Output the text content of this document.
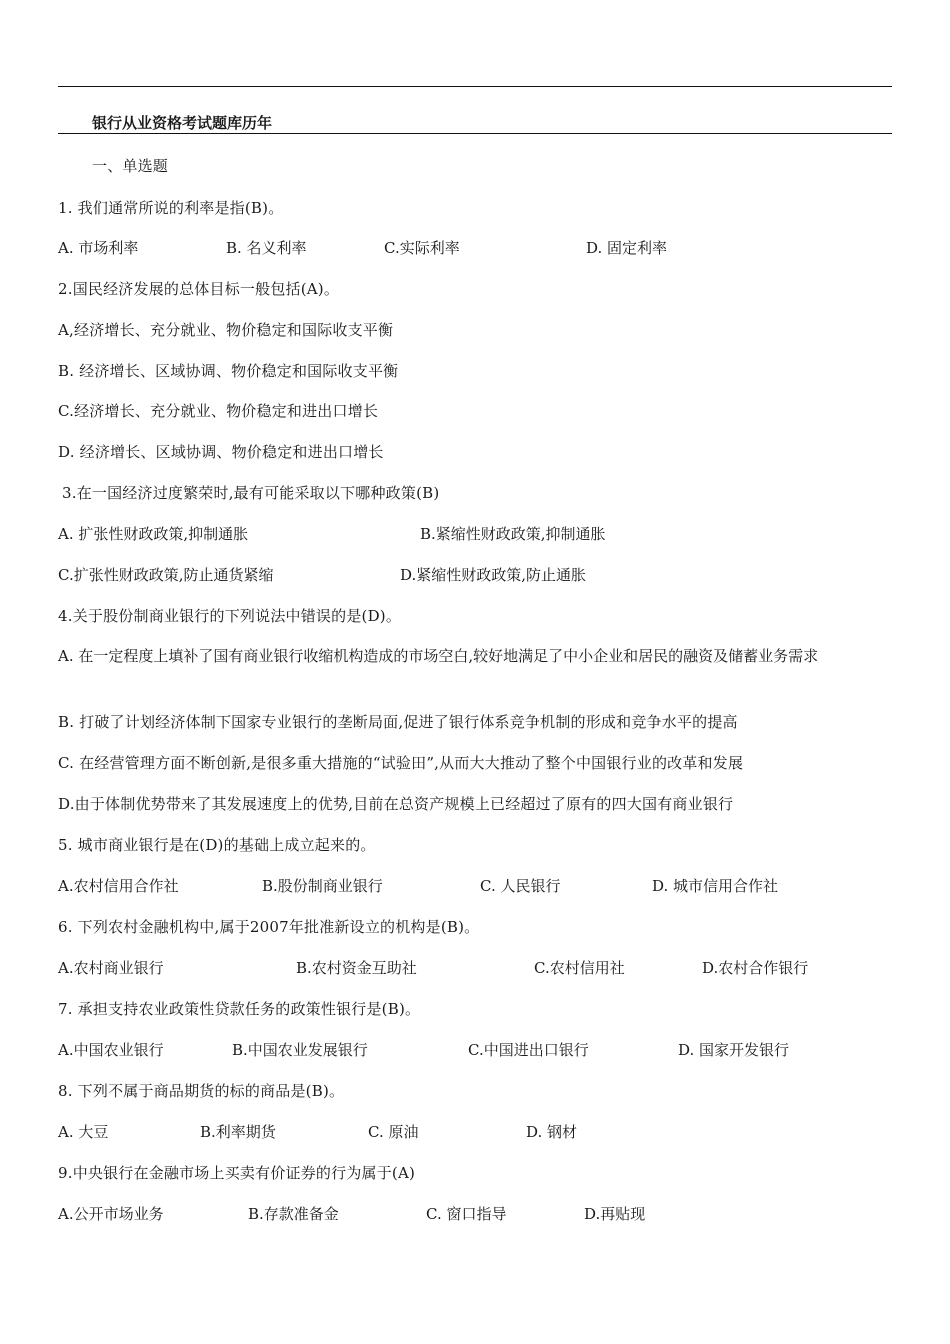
银行从业资格考试题库历年
一、单选题
1. 我们通常所说的利率是指(B)。
A. 市场利率	B. 名义利率	C.实际利率	D. 固定利率
2.国民经济发展的总体目标一般包括(A)。
A,经济增长、充分就业、物价稳定和国际收支平衡
B. 经济增长、区域协调、物价稳定和国际收支平衡
C.经济增长、充分就业、物价稳定和进出口增长
D. 经济增长、区域协调、物价稳定和进出口增长
3.在一国经济过度繁荣时,最有可能采取以下哪种政策(B)
A. 扩张性财政政策,抑制通胀	B.紧缩性财政政策,抑制通胀
C.扩张性财政政策,防止通货紧缩	D.紧缩性财政政策,防止通胀
4.关于股份制商业银行的下列说法中错误的是(D)。
A. 在一定程度上填补了国有商业银行收缩机构造成的市场空白,较好地满足了中小企业和居民的融资及储蓄业务需求
B. 打破了计划经济体制下国家专业银行的垄断局面,促进了银行体系竞争机制的形成和竞争水平的提高
C. 在经营管理方面不断创新,是很多重大措施的“试验田”,从而大大推动了整个中国银行业的改革和发展
D.由于体制优势带来了其发展速度上的优势,目前在总资产规模上已经超过了原有的四大国有商业银行
5. 城市商业银行是在(D)的基础上成立起来的。
A.农村信用合作社	B.股份制商业银行	C. 人民银行	D. 城市信用合作社
6. 下列农村金融机构中,属于2007年批准新设立的机构是(B)。
A.农村商业银行	B.农村资金互助社	C.农村信用社	D.农村合作银行
7. 承担支持农业政策性贷款任务的政策性银行是(B)。
A.中国农业银行	B.中国农业发展银行	C.中国进出口银行	D. 国家开发银行
8. 下列不属于商品期货的标的商品是(B)。
A. 大豆	B.利率期货	C. 原油	D. 钢材
9.中央银行在金融市场上买卖有价证券的行为属于(A)
A.公开市场业务	B.存款准备金	C. 窗口指导	D.再贴现
